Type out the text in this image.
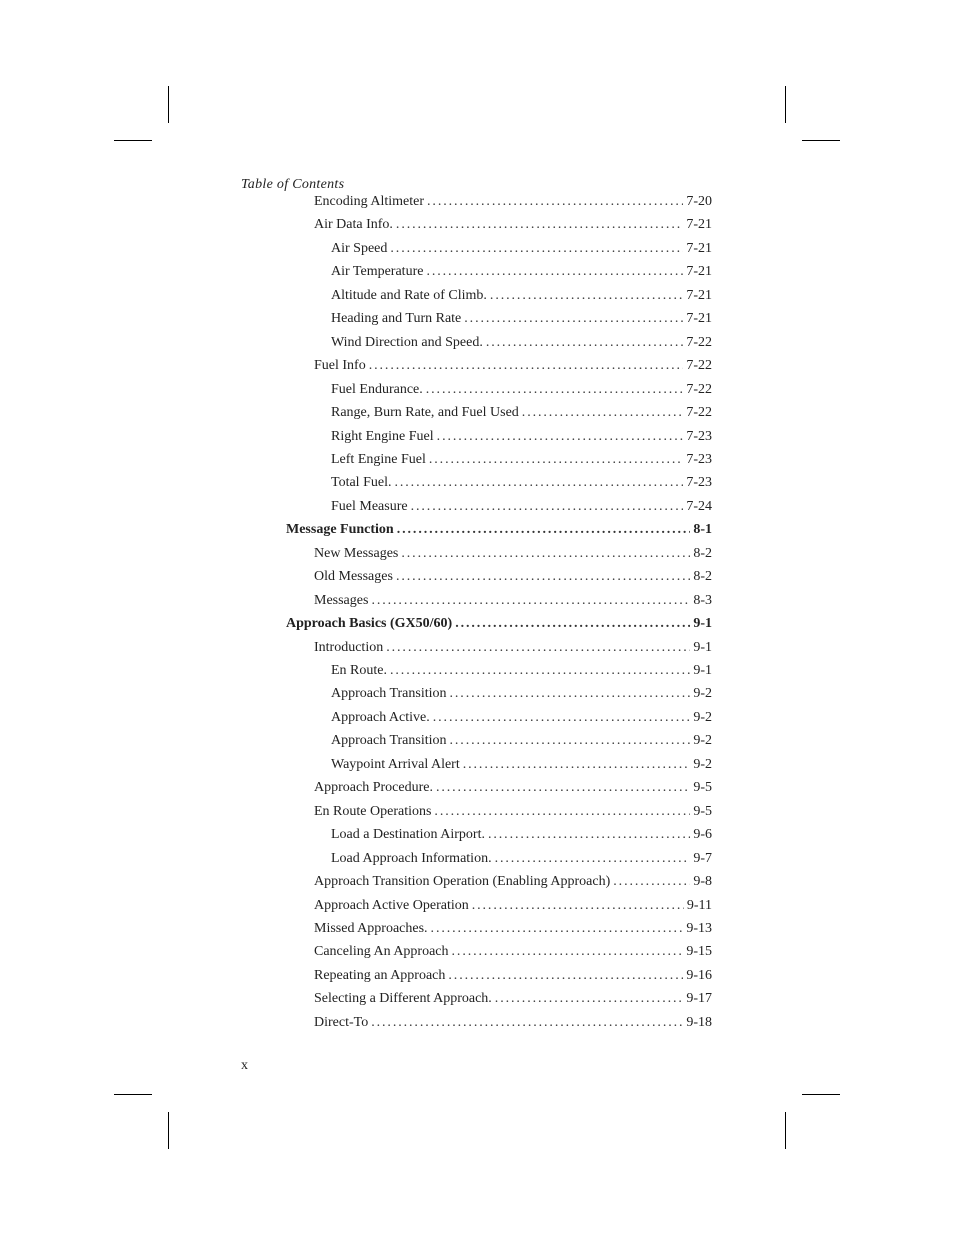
Table of Contents
Encoding Altimeter .....	7-20
Air Data Info. .....	7-21
Air Speed .....	7-21
Air Temperature .....	7-21
Altitude and Rate of Climb. .....	7-21
Heading and Turn Rate .....	7-21
Wind Direction and Speed. .....	7-22
Fuel Info .....	7-22
Fuel Endurance. .....	7-22
Range, Burn Rate, and Fuel Used .....	7-22
Right Engine Fuel .....	7-23
Left Engine Fuel .....	7-23
Total Fuel. .....	7-23
Fuel Measure .....	7-24
Message Function .....	8-1
New Messages .....	8-2
Old Messages .....	8-2
Messages .....	8-3
Approach Basics (GX50/60) .....	9-1
Introduction .....	9-1
En Route. .....	9-1
Approach Transition .....	9-2
Approach Active. .....	9-2
Approach Transition .....	9-2
Waypoint Arrival Alert .....	9-2
Approach Procedure. .....	9-5
En Route Operations .....	9-5
Load a Destination Airport. .....	9-6
Load Approach Information. .....	9-7
Approach Transition Operation (Enabling Approach) .....	9-8
Approach Active Operation .....	9-11
Missed Approaches. .....	9-13
Canceling An Approach .....	9-15
Repeating an Approach .....	9-16
Selecting a Different Approach. .....	9-17
Direct-To .....	9-18
x
